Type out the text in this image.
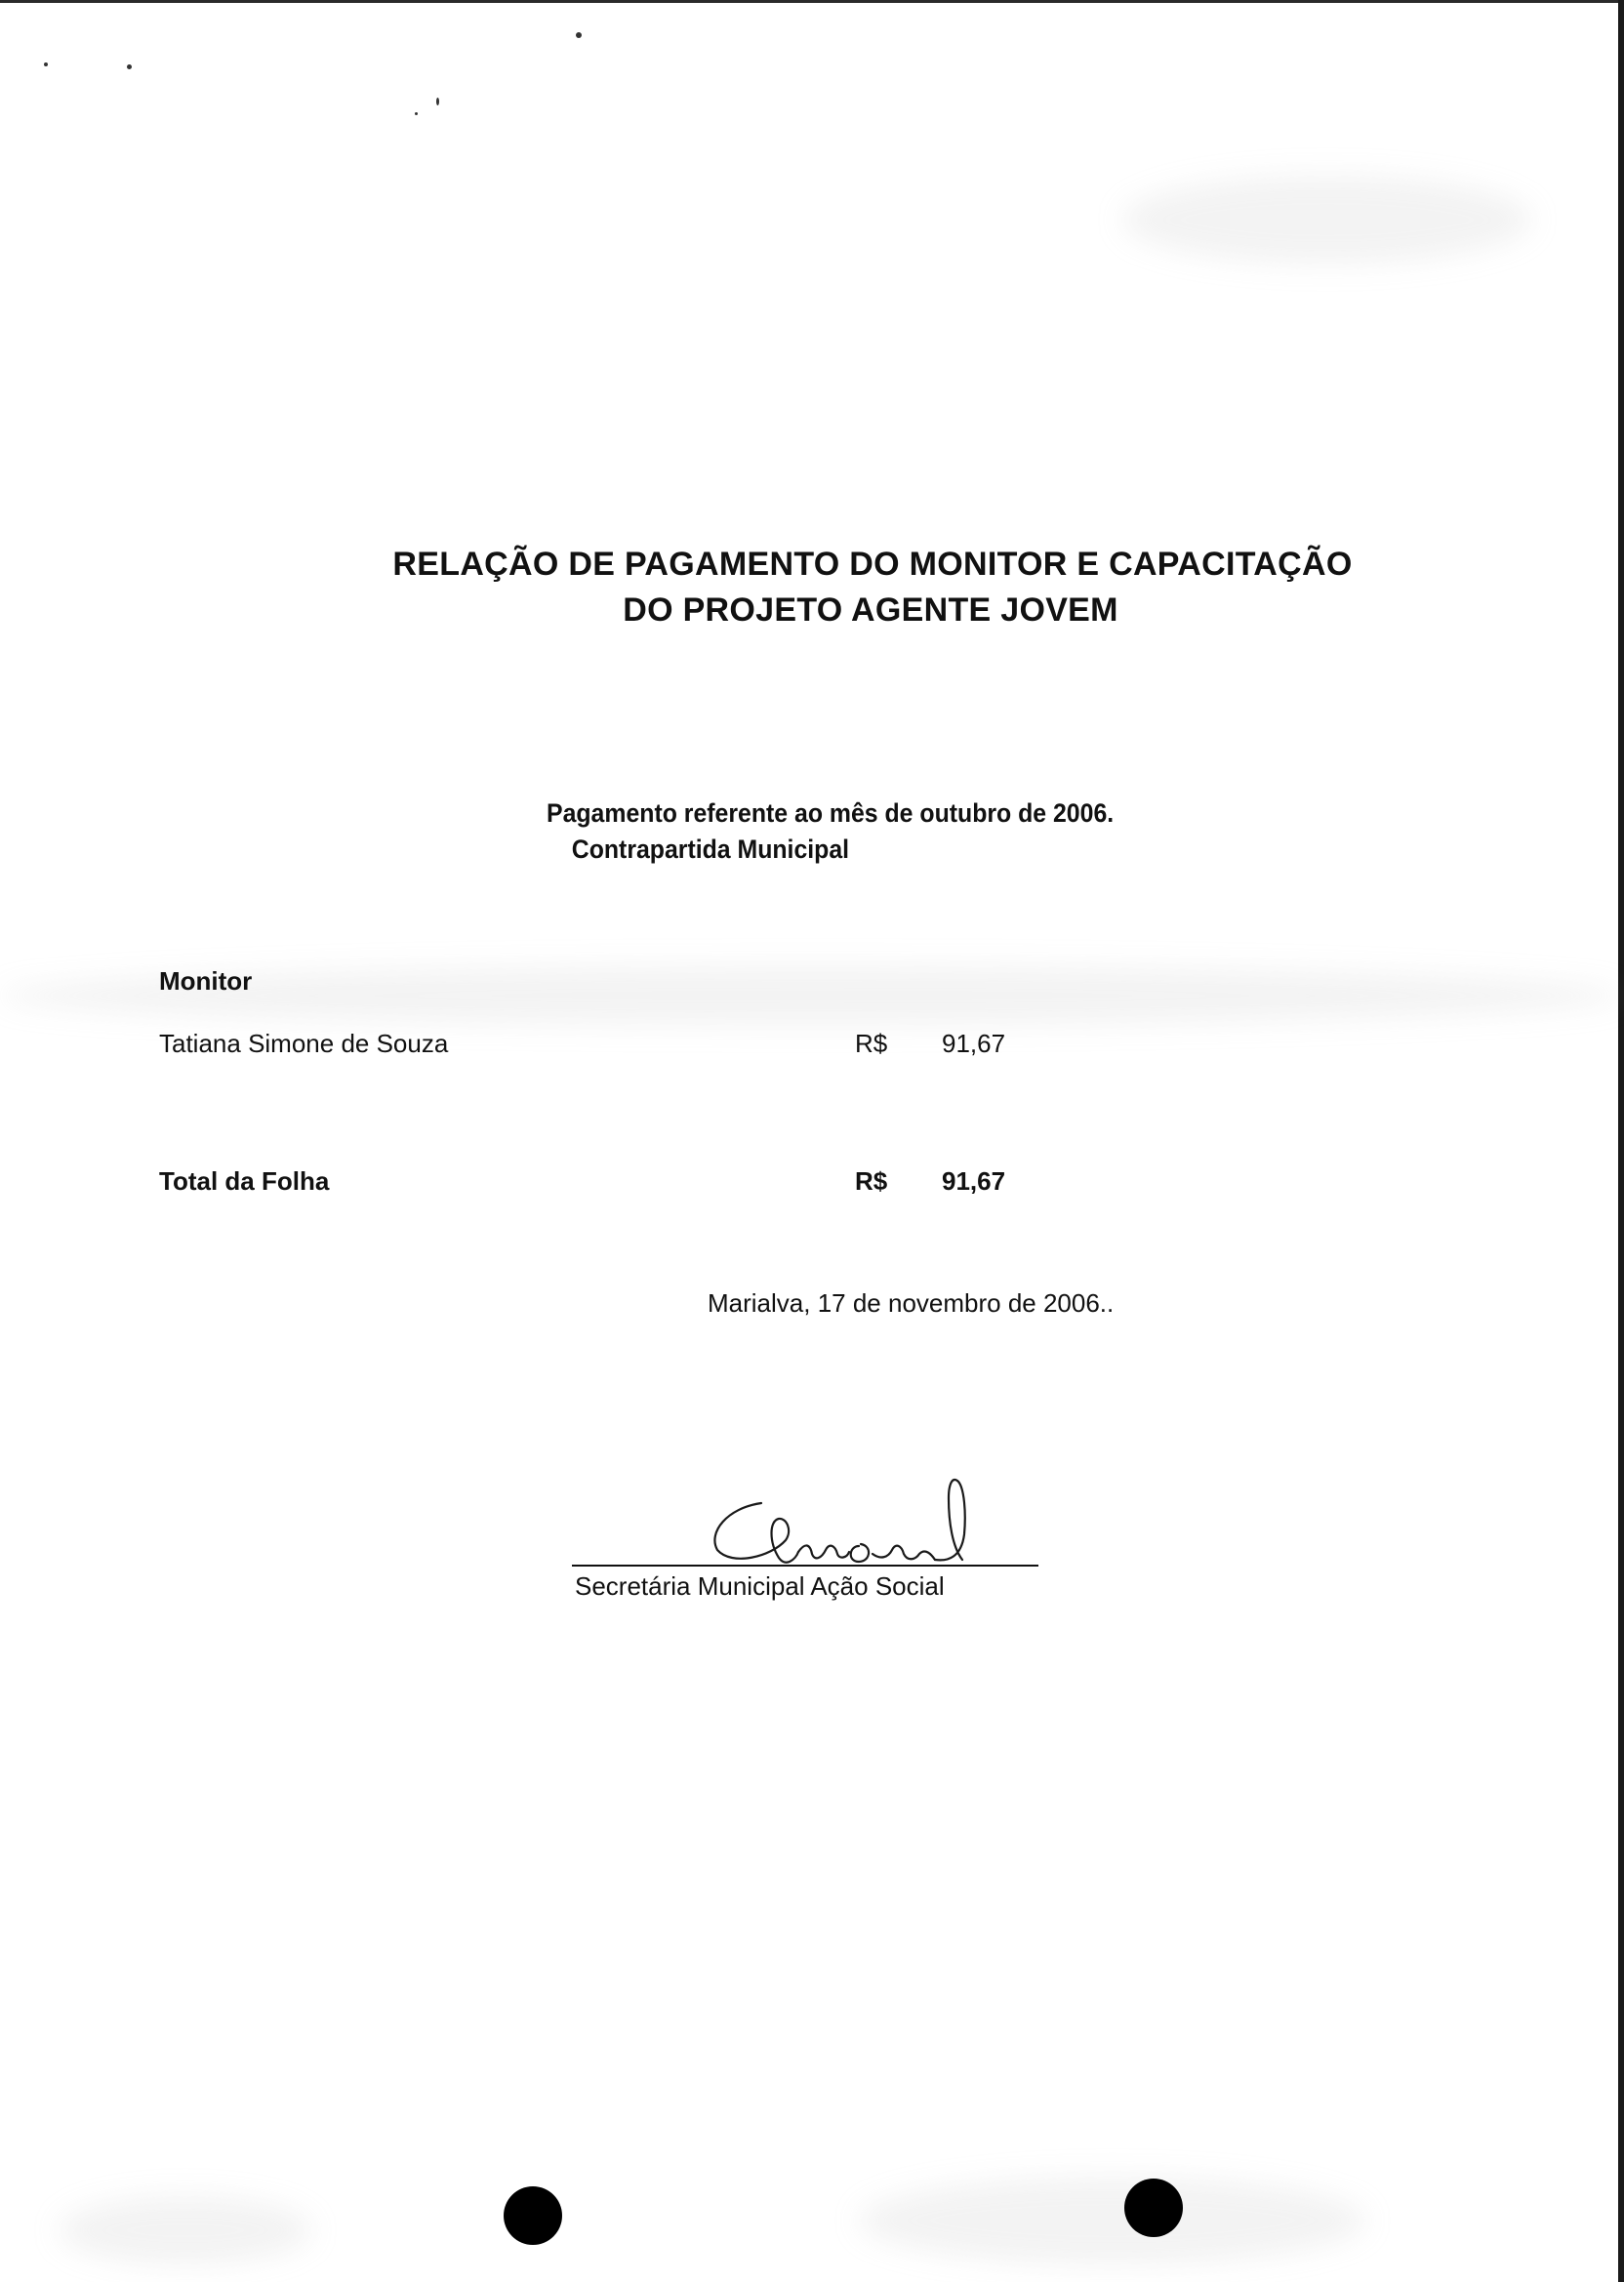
RELAÇÃO DE PAGAMENTO DO MONITOR E CAPACITAÇÃO
DO PROJETO AGENTE JOVEM
Pagamento referente ao mês de outubro de 2006.
Contrapartida Municipal
Monitor
Tatiana Simone de Souza	R$ 91,67
Total da Folha	R$ 91,67
Marialva, 17 de novembro de 2006..
Secretária Municipal Ação Social
